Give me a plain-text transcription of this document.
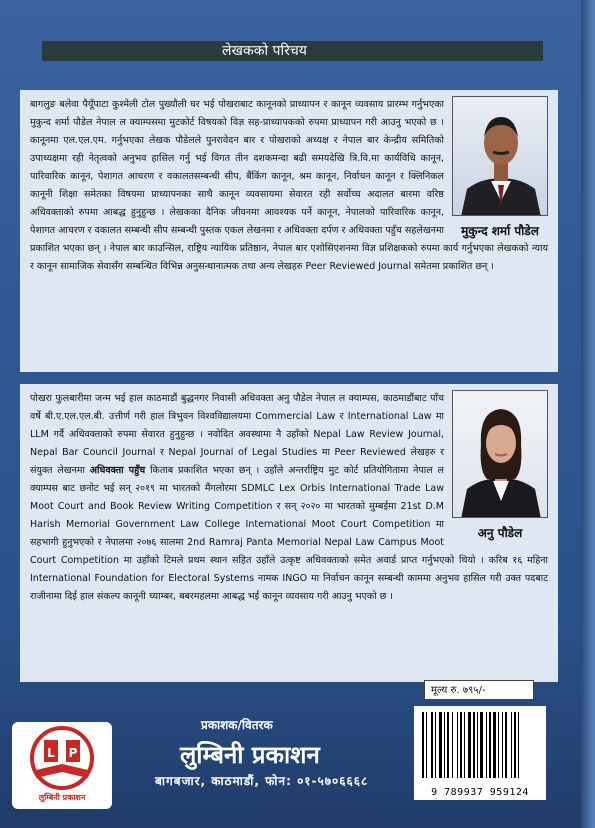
लेखकको परिचय
मुकुन्द शर्मा पौडेल
बागलुङ बलेवा पैयूँपाटा कुश्मेली टोल पुख्यौली घर भई पोखराबाट कानूनको प्राध्यापन र कानून व्यवसाय प्रारम्भ गर्नुभएका मुकुन्द शर्मा पौडेल नेपाल ल क्याम्पसमा मुटकोर्ट विषयको विज्ञ सह-प्राध्यापकको रुपमा प्राध्यापन गरी आउनु भएको छ । कानूनमा एल.एल.एम. गर्नुभएका लेखक पौडेलले पुनरावेदन बार र पोखराको अध्यक्ष र नेपाल बार केन्द्रीय समितिको उपाध्यक्षमा रही नेतृत्वको अनुभव हासिल गर्नु भई विगत तीन दशकमन्दा बढी समयदेखि त्रि.वि.मा कार्यविधि कानून, पारिवारिक कानून, पेशागत आचरण र वकालतसम्बन्धी सीप, बैंकिंग कानून, श्रम कानून, निर्वाचन कानून र क्लिनिकल कानूनी शिक्षा समेतका विषयमा प्राध्यापनका साथै कानून व्यवसायमा सेवारत रही सर्वोच्च अदालत बारमा वरिष्ठ अधिवक्ताको रुपमा आबद्ध हुनुहुन्छ । लेखकका दैनिक जीवनमा आवश्यक पर्ने कानून, नेपालको पारिवारिक कानून, पेशागत आचरण र वकालत सम्बन्धी सीप सम्बन्धी पुस्तक एकल लेखनमा र अधिवक्ता दर्पण र अधिवक्ता पहुँच सहलेखनमा प्रकाशित भएका छन् । नेपाल बार काउन्सिल, राष्ट्रिय न्यायिक प्रतिष्ठान, नेपाल बार एशोसिएशनमा विज्ञ प्रशिक्षकको रुपमा कार्य गर्नुभएका लेखकको न्याय र कानून सामाजिक सेवासँग सम्बन्धित विभिन्न अनुसन्धानात्मक तथा अन्य लेखहरु Peer Reviewed Journal समेतमा प्रकाशित छन् ।
अनु पौडेल
पोखरा फुलबारीमा जन्म भई हाल काठमाडौं बुद्धनगर निवासी अधिवक्ता अनु पौडेल नेपाल ल क्याम्पस, काठमाडौंबाट पाँच वर्षे बी.ए.एल.एल.बी. उत्तीर्ण गरी हाल त्रिभुवन विश्वविद्यालयमा Commercial Law र International Law मा LLM गर्दै अधिवक्ताको रुपमा सेवारत हुनुहुन्छ । नवोदित अवस्थामा नै उहाँको Nepal Law Review Journal, Nepal Bar Council Journal र Nepal Journal of Legal Studies मा Peer Reviewed लेखहरु र संयुक्त लेखनमा अधिवक्ता पहुँच किताब प्रकाशित भएका छन् । उहाँले अन्तर्राष्ट्रिय मुट कोर्ट प्रतियोगितामा नेपाल ल क्याम्पस बाट छनोट भई सन् २०१९ मा भारतको मैंगलोरमा SDMLC Lex Orbis International Trade Law Moot Court and Book Review Writing Competition र सन् २०२० मा भारतको मुम्बईमा 21st D.M Harish Memorial Government Law College International Moot Court Competition मा सहभागी हुनुभएको र नेपालमा २०७६ सालमा 2nd Ramraj Panta Memorial Nepal Law Campus Moot Court Competition मा उहाँको टिमले प्रथम स्थान सहित उहाँले उत्कृष्ट अधिवक्ताको समेत अवार्ड प्राप्त गर्नुभएको थियो । करिब १६ महिना International Foundation for Electoral Systems नामक INGO मा निर्वाचन कानून सम्बन्धी काममा अनुभव हासिल गरी उक्त पदबाट राजीनामा दिई हाल संकल्प कानूनी च्याम्बर, बबरमहलमा आबद्ध भई कानून व्यवसाय गरी आउनु भएको छ ।
मूल्य रु. ७९५/-
L P
लुम्बिनी प्रकाशन
प्रकाशक/वितरक
लुम्बिनी प्रकाशन
बागबजार, काठमाडौं, फोन: ०१-५७०६६६८
9 789937 959124
